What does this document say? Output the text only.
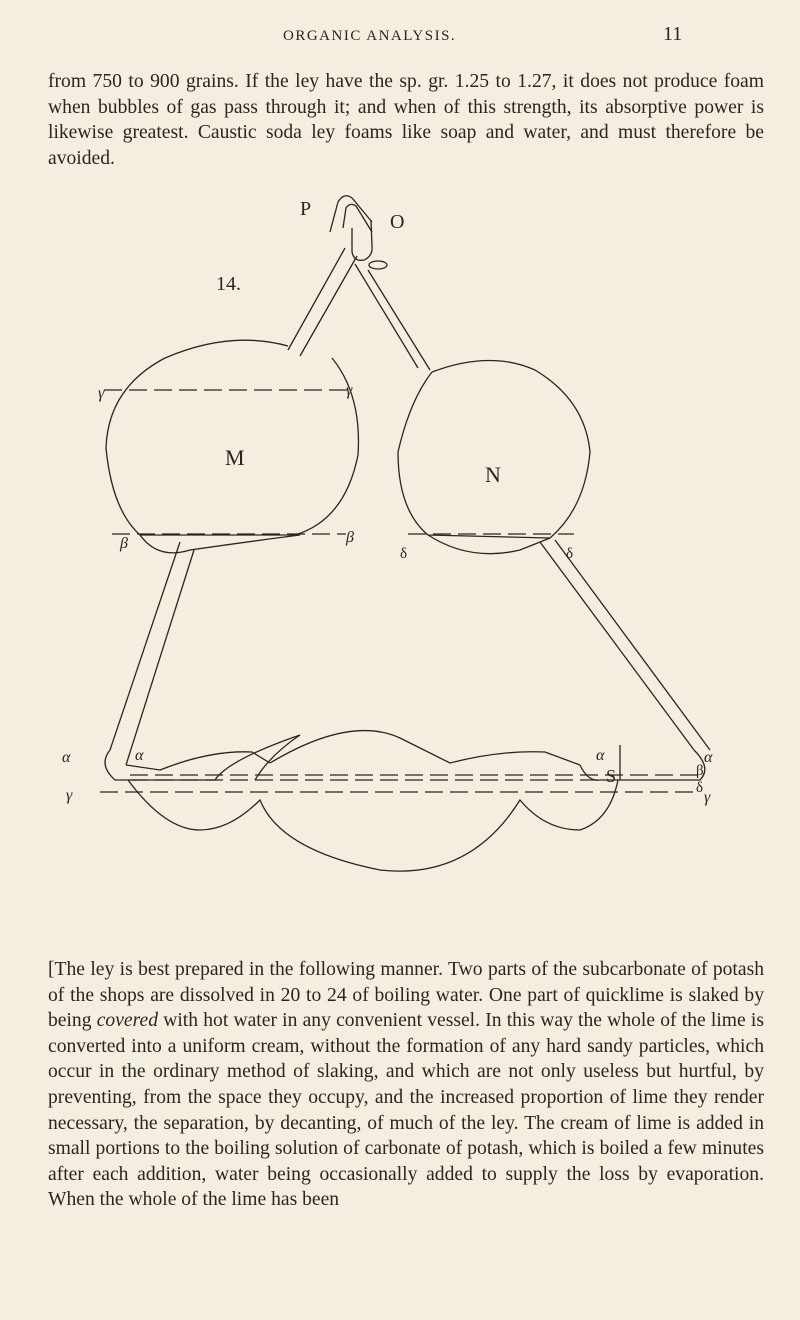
ORGANIC ANALYSIS.	11

from 750 to 900 grains. If the ley have the sp. gr. 1.25 to 1.27, it does not produce foam when bubbles of gas pass through it; and when of this strength, its absorptive power is likewise greatest. Caustic soda ley foams like soap and water, and must therefore be avoided.

P
O
14.
M
N
S
γ	γ
β	β
δ	δ
α	α	α	α
γ	γ
β
δ

[The ley is best prepared in the following manner. Two parts of the subcarbonate of potash of the shops are dissolved in 20 to 24 of boiling water. One part of quicklime is slaked by being covered with hot water in any convenient vessel. In this way the whole of the lime is converted into a uniform cream, without the formation of any hard sandy particles, which occur in the ordinary method of slaking, and which are not only useless but hurtful, by preventing, from the space they occupy, and the increased proportion of lime they render necessary, the separation, by decanting, of much of the ley. The cream of lime is added in small portions to the boiling solution of carbonate of potash, which is boiled a few minutes after each addition, water being occasionally added to supply the loss by evaporation. When the whole of the lime has been
